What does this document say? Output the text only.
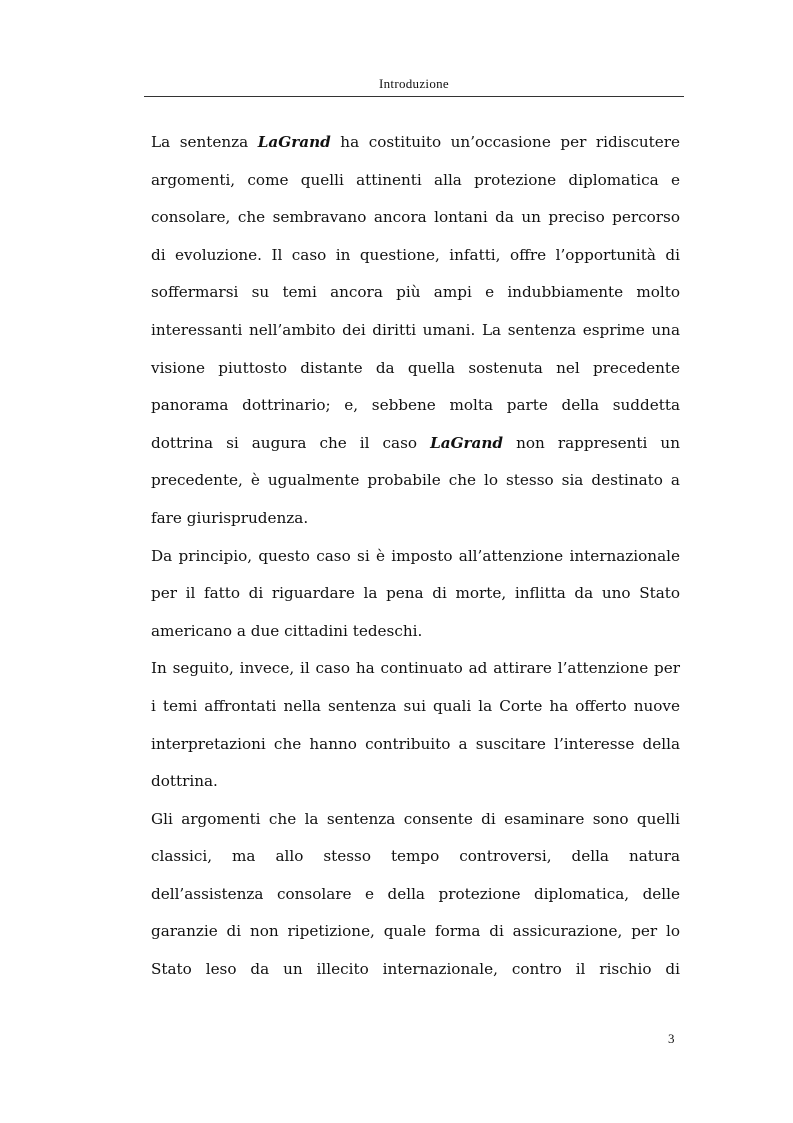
Introduzione
La sentenza LaGrand ha costituito un’occasione per ridiscutere
argomenti, come quelli attinenti alla protezione diplomatica e
consolare, che sembravano ancora lontani da un preciso percorso
di evoluzione. Il caso in questione, infatti, offre l’opportunità di
soffermarsi su temi ancora più ampi e indubbiamente molto
interessanti nell’ambito dei diritti umani. La sentenza esprime una
visione piuttosto distante da quella sostenuta nel precedente
panorama dottrinario; e, sebbene molta parte della suddetta
dottrina si augura che il caso LaGrand non rappresenti un
precedente, è ugualmente probabile che lo stesso sia destinato a
fare giurisprudenza.
Da principio, questo caso si è imposto all’attenzione internazionale
per il fatto di riguardare la pena di morte, inflitta da uno Stato
americano a due cittadini tedeschi.
In seguito, invece, il caso ha continuato ad attirare l’attenzione per
i temi affrontati nella sentenza sui quali la Corte ha offerto nuove
interpretazioni che hanno contribuito a suscitare l’interesse della
dottrina.
Gli argomenti che la sentenza consente di esaminare sono quelli
classici, ma allo stesso tempo controversi, della natura
dell’assistenza consolare e della protezione diplomatica, delle
garanzie di non ripetizione, quale forma di assicurazione, per lo
Stato leso da un illecito internazionale, contro il rischio di
3
